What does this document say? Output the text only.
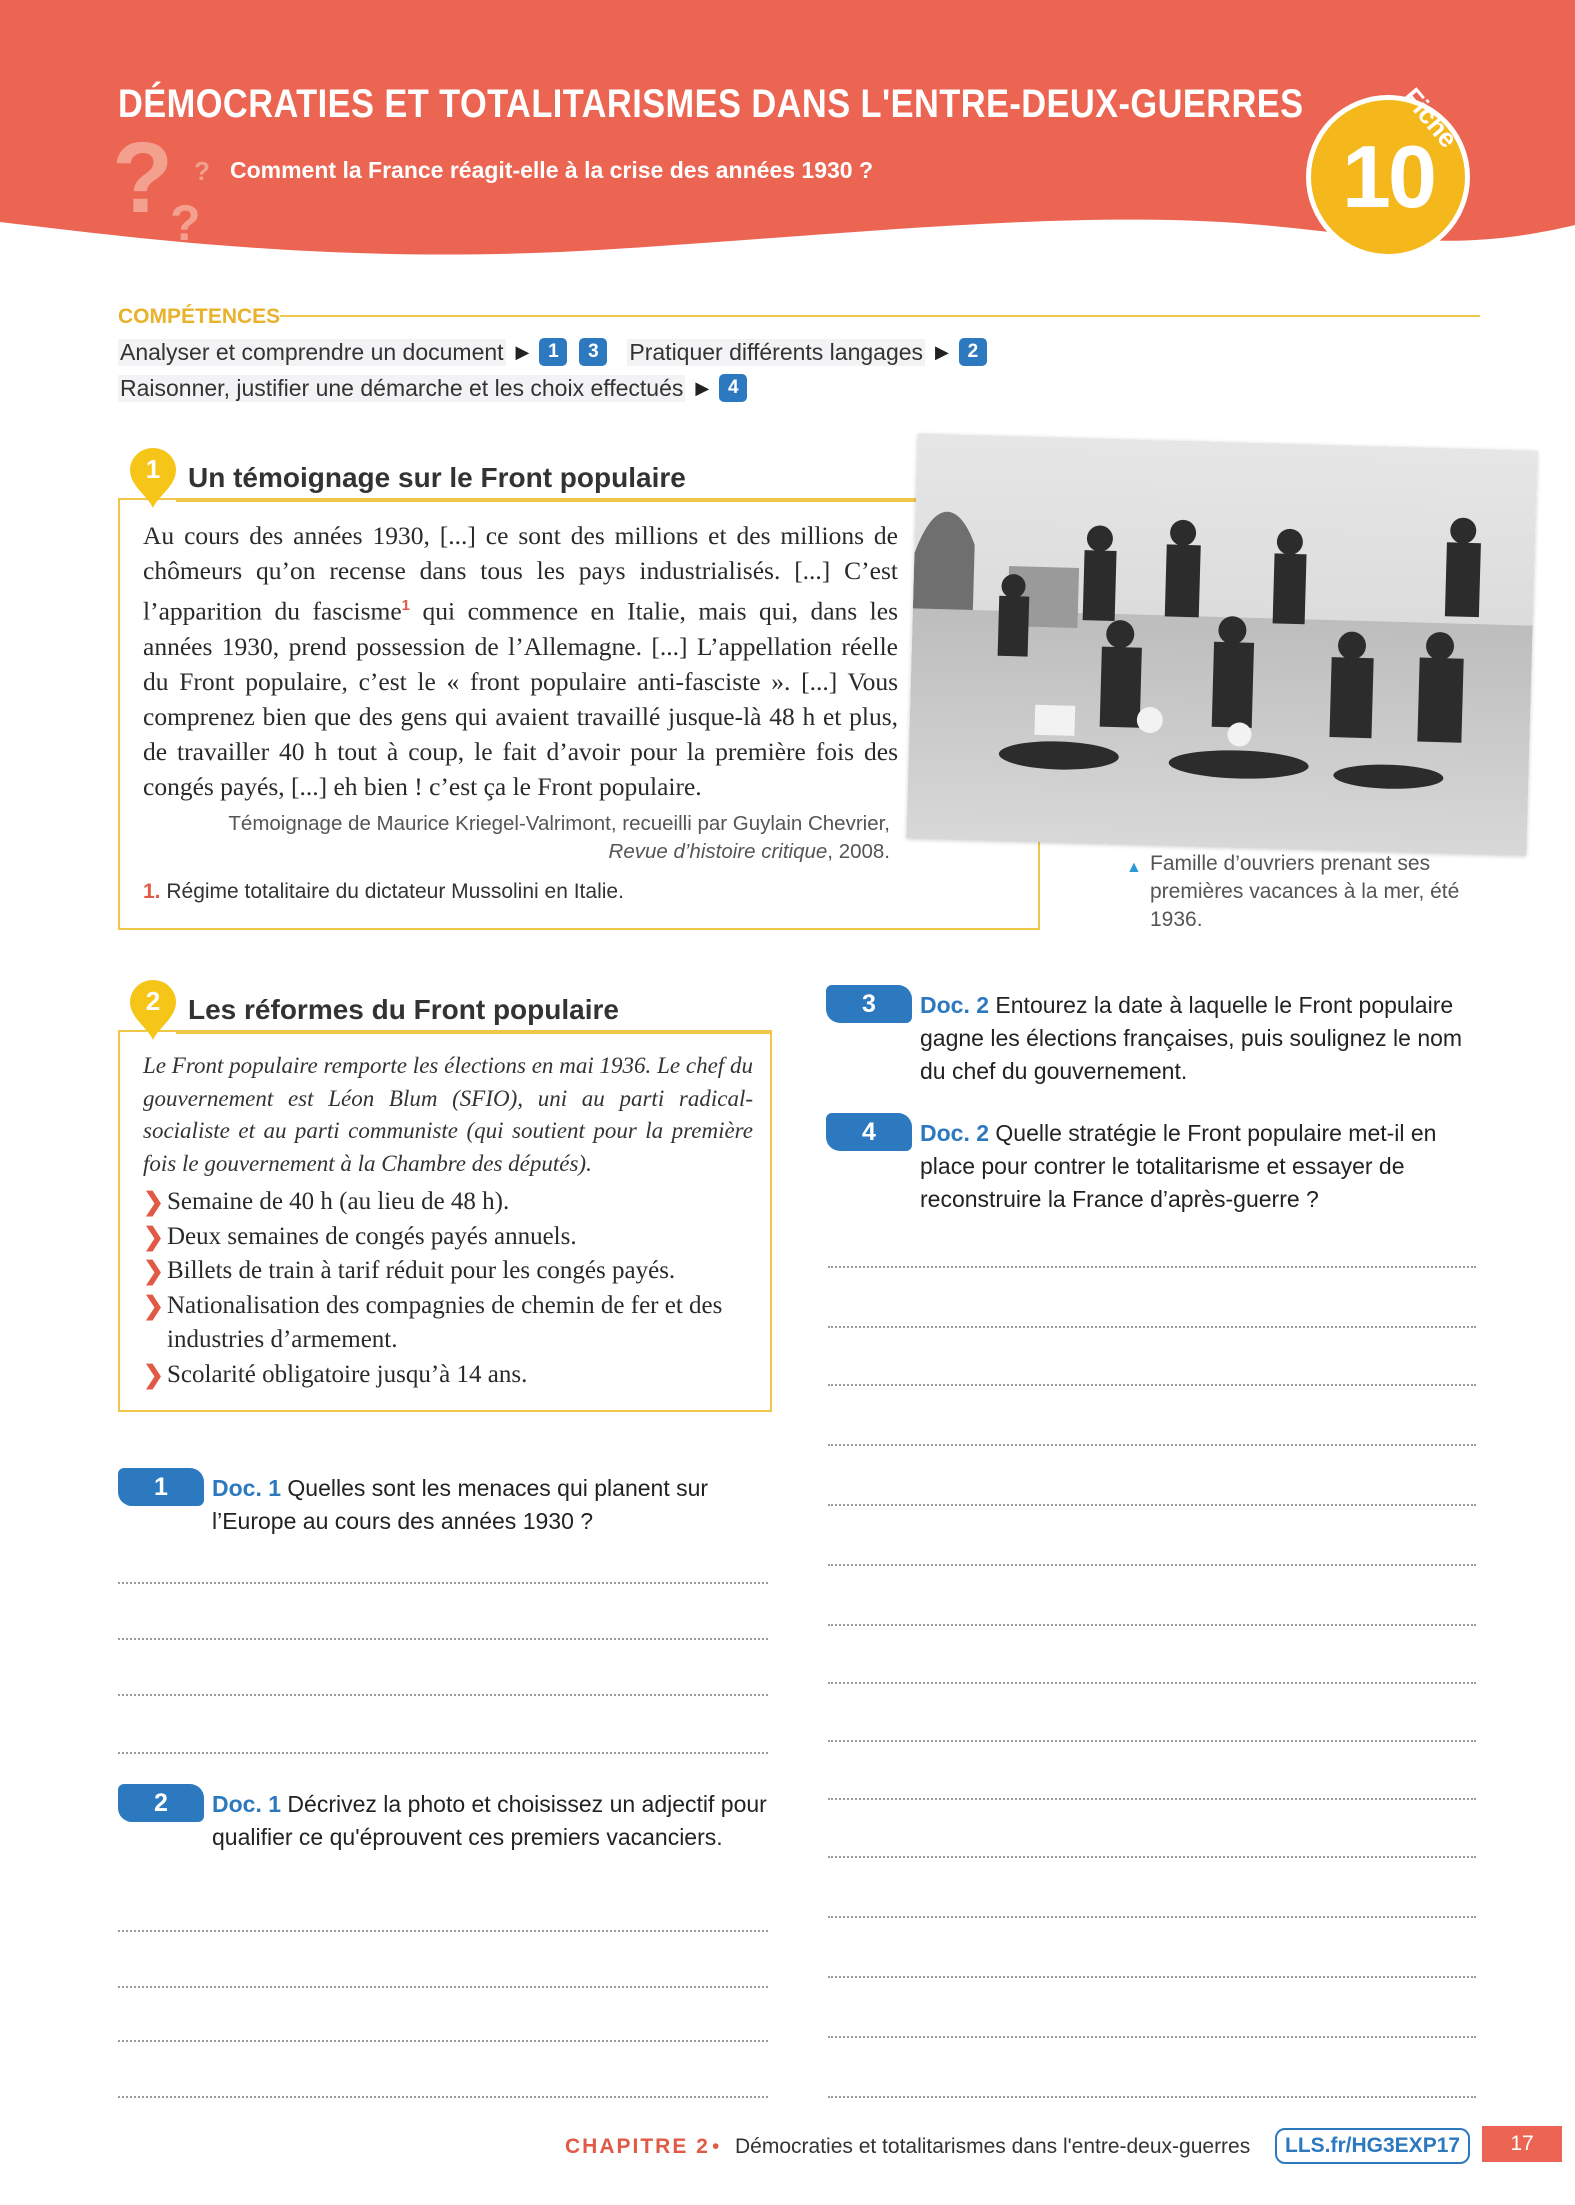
? ?
?
DÉMOCRATIES ET TOTALITARISMES DANS L'ENTRE-DEUX-GUERRES
Comment la France réagit-elle à la crise des années 1930 ?	10
Fiche
COMPÉTENCES
Analyser et comprendre un document ▶ 1	3	Pratiquer différents langages ▶ 2
Raisonner, justifier une démarche et les choix effectués ▶ 4
1 Un témoignage sur le Front populaire
Au cours des années 1930, [...] ce sont des millions et des millions de chômeurs qu’on recense dans tous les pays industrialisés. [...] C’est l’apparition du fascisme$^1$ qui commence en Italie, mais qui, dans les années 1930, prend possession de l’Allemagne. [...] L’appellation réelle du Front populaire, c’est le « front populaire anti-fasciste ». [...] Vous comprenez bien que des gens qui avaient travaillé jusque-là 48 h et plus, de travailler 40 h tout à coup, le fait d’avoir pour la première fois des congés payés, [...] eh bien ! c’est ça le Front populaire.
Témoignage de Maurice Kriegel-Valrimont, recueilli par Guylain Chevrier,
Revue d’histoire critique, 2008.
1. Régime totalitaire du dictateur Mussolini en Italie.
▲ Famille d’ouvriers prenant ses premières vacances à la mer, été 1936.
2 Les réformes du Front populaire
Le Front populaire remporte les élections en mai 1936. Le chef du gouvernement est Léon Blum (SFIO), uni au parti radical-socialiste et au parti communiste (qui soutient pour la première fois le gouvernement à la Chambre des députés).
❯ Semaine de 40 h (au lieu de 48 h).
❯ Deux semaines de congés payés annuels.
❯ Billets de train à tarif réduit pour les congés payés.
❯ Nationalisation des compagnies de chemin de fer et des industries d’armement.
❯ Scolarité obligatoire jusqu’à 14 ans.
1	Doc. 1 Quelles sont les menaces qui planent sur l’Europe au cours des années 1930 ?
2	Doc. 1 Décrivez la photo et choisissez un adjectif pour qualifier ce qu'éprouvent ces premiers vacanciers.
3	Doc. 2 Entourez la date à laquelle le Front populaire gagne les élections françaises, puis soulignez le nom du chef du gouvernement.
4	Doc. 2 Quelle stratégie le Front populaire met-il en place pour contrer le totalitarisme et essayer de reconstruire la France d’après-guerre ?
CHAPITRE 2 • Démocraties et totalitarismes dans l'entre-deux-guerres	LLS.fr/HG3EXP17	17
